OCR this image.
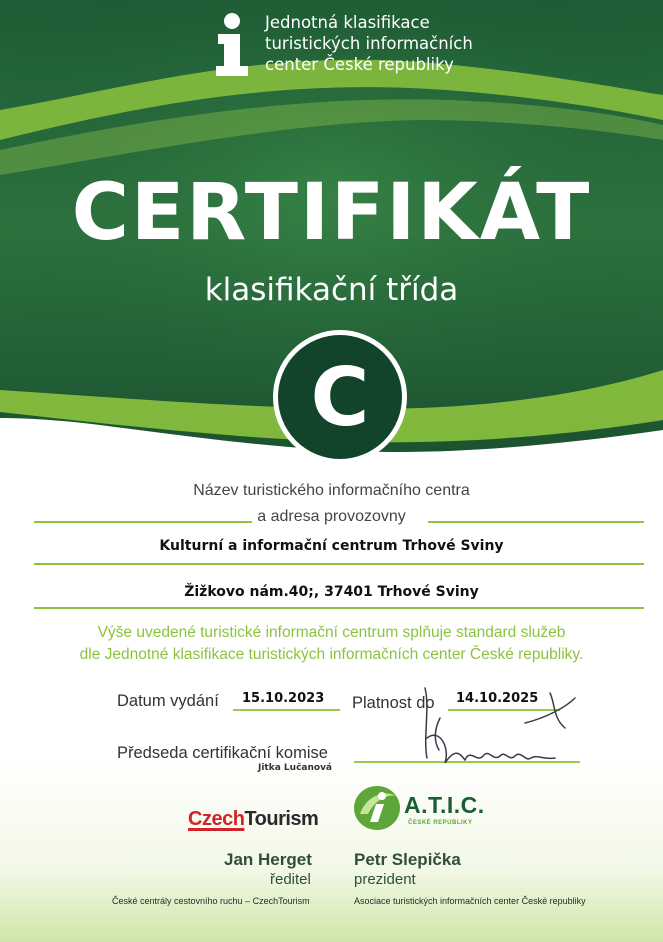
Jednotná klasifikace
turistických informačních
center České republiky
CERTIFIKÁT
klasifikační třída
C
Název turistického informačního centra
a adresa provozovny
Kulturní a informační centrum Trhové Sviny
Žižkovo nám.40;, 37401 Trhové Sviny
Výše uvedené turistické informační centrum splňuje standard služeb
dle Jednotné klasifikace turistických informačních center České republiky.
Datum vydání 15.10.2023 Platnost do 14.10.2025
Předseda certifikační komise
Jitka Lučanová
CzechTourism
A.T.I.C.
ČESKÉ REPUBLIKY
Jan Herget
ředitel
České centrály cestovního ruchu – CzechTourism
Petr Slepička
prezident
Asociace turistických informačních center České republiky
